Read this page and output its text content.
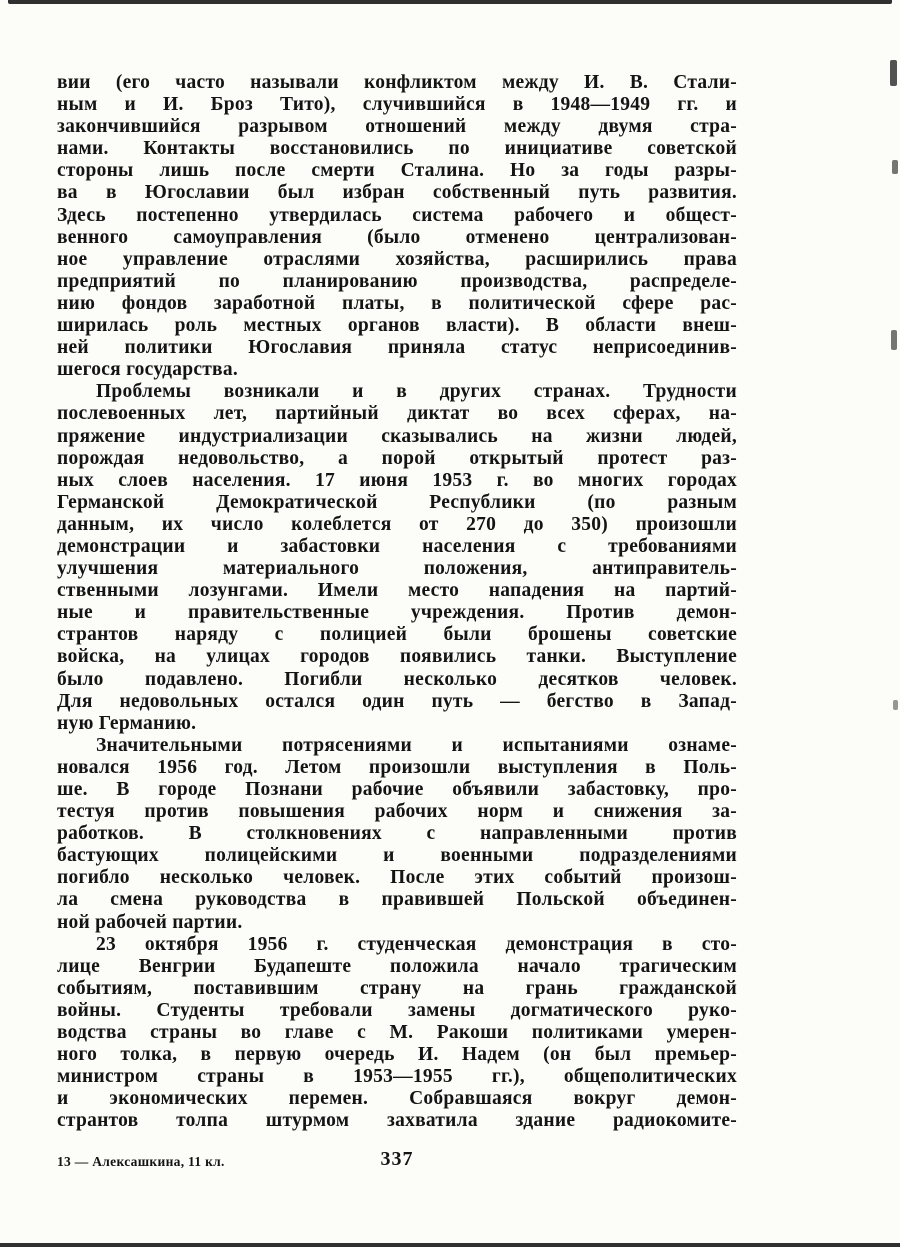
вии (его часто называли конфликтом между И. В. Стали-
ным и И. Броз Тито), случившийся в 1948—1949 гг. и
закончившийся разрывом отношений между двумя стра-
нами. Контакты восстановились по инициативе советской
стороны лишь после смерти Сталина. Но за годы разры-
ва в Югославии был избран собственный путь развития.
Здесь постепенно утвердилась система рабочего и общест-
венного самоуправления (было отменено централизован-
ное управление отраслями хозяйства, расширились права
предприятий по планированию производства, распределе-
нию фондов заработной платы, в политической сфере рас-
ширилась роль местных органов власти). В области внеш-
ней политики Югославия приняла статус неприсоединив-
шегося государства.
Проблемы возникали и в других странах. Трудности
послевоенных лет, партийный диктат во всех сферах, на-
пряжение индустриализации сказывались на жизни людей,
порождая недовольство, а порой открытый протест раз-
ных слоев населения. 17 июня 1953 г. во многих городах
Германской Демократической Республики (по разным
данным, их число колеблется от 270 до 350) произошли
демонстрации и забастовки населения с требованиями
улучшения материального положения, антиправитель-
ственными лозунгами. Имели место нападения на партий-
ные и правительственные учреждения. Против демон-
странтов наряду с полицией были брошены советские
войска, на улицах городов появились танки. Выступление
было подавлено. Погибли несколько десятков человек.
Для недовольных остался один путь — бегство в Запад-
ную Германию.
Значительными потрясениями и испытаниями ознаме-
новался 1956 год. Летом произошли выступления в Поль-
ше. В городе Познани рабочие объявили забастовку, про-
тестуя против повышения рабочих норм и снижения за-
работков. В столкновениях с направленными против
бастующих полицейскими и военными подразделениями
погибло несколько человек. После этих событий произош-
ла смена руководства в правившей Польской объединен-
ной рабочей партии.
23 октября 1956 г. студенческая демонстрация в сто-
лице Венгрии Будапеште положила начало трагическим
событиям, поставившим страну на грань гражданской
войны. Студенты требовали замены догматического руко-
водства страны во главе с М. Ракоши политиками умерен-
ного толка, в первую очередь И. Надем (он был премьер-
министром страны в 1953—1955 гг.), общеполитических
и экономических перемен. Собравшаяся вокруг демон-
странтов толпа штурмом захватила здание радиокомите-
13 — Алексашкина, 11 кл.	337
